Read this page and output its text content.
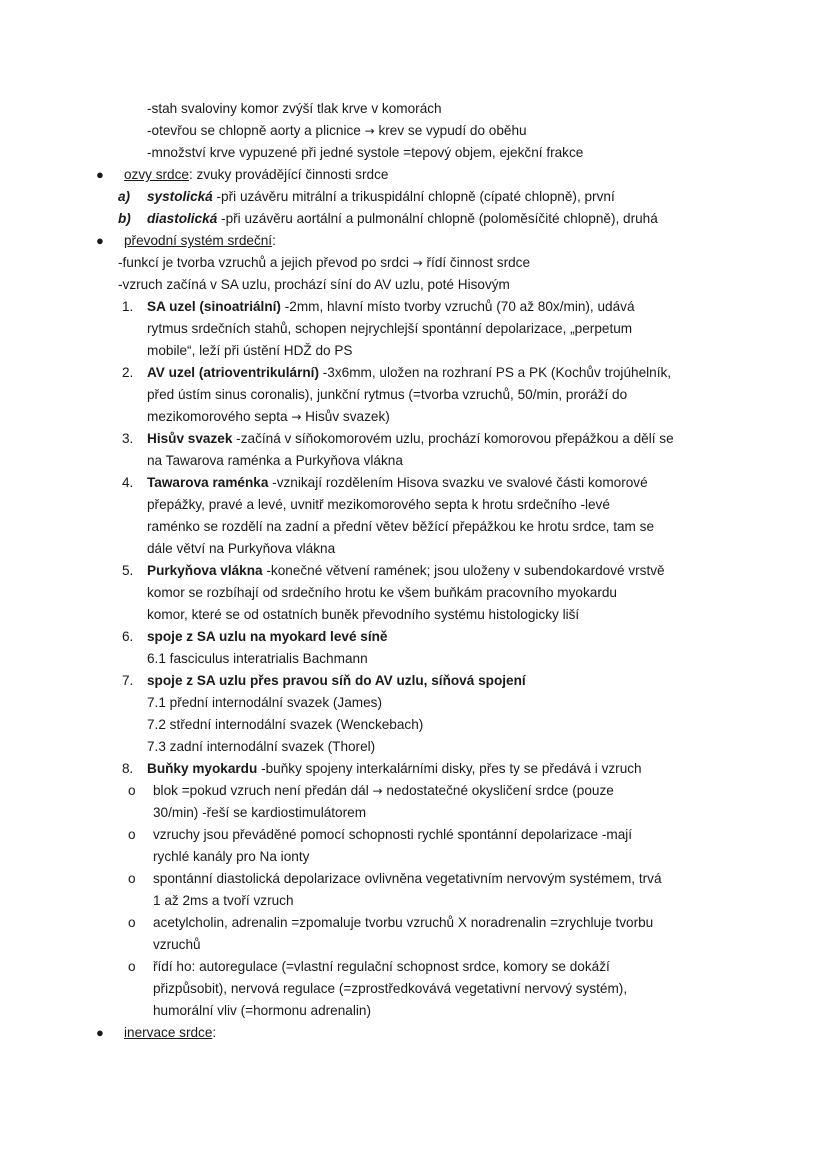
-stah svaloviny komor zvýší tlak krve v komorách
-otevřou se chlopně aorty a plicnice → krev se vypudí do oběhu
-množství krve vypuzené při jedné systole =tepový objem, ejekční frakce
● ozvy srdce: zvuky provádějící činnosti srdce
a) systolická -při uzávěru mitrální a trikuspidální chlopně (cípaté chlopně), první
b) diastolická -při uzávěru aortální a pulmonální chlopně (poloměsíčité chlopně), druhá
● převodní systém srdeční:
-funkcí je tvorba vzruchů a jejich převod po srdci → řídí činnost srdce
-vzruch začíná v SA uzlu, prochází síní do AV uzlu, poté Hisovým
1. SA uzel (sinoatriální) -2mm, hlavní místo tvorby vzruchů (70 až 80x/min), udává
rytmus srdečních stahů, schopen nejrychlejší spontánní depolarizace, „perpetum
mobile“, leží při ústění HDŽ do PS
2. AV uzel (atrioventrikulární) -3x6mm, uložen na rozhraní PS a PK (Kochův trojúhelník,
před ústím sinus coronalis), junkční rytmus (=tvorba vzruchů, 50/min, proráží do
mezikomorového septa → Hisův svazek)
3. Hisův svazek -začíná v síňokomorovém uzlu, prochází komorovou přepážkou a dělí se
na Tawarova raménka a Purkyňova vlákna
4. Tawarova raménka -vznikají rozdělením Hisova svazku ve svalové části komorové
přepážky, pravé a levé, uvnitř mezikomorového septa k hrotu srdečního -levé
raménko se rozdělí na zadní a přední větev běžící přepážkou ke hrotu srdce, tam se
dále větví na Purkyňova vlákna
5. Purkyňova vlákna -konečné větvení ramének; jsou uloženy v subendokardové vrstvě
komor se rozbíhají od srdečního hrotu ke všem buňkám pracovního myokardu
komor, které se od ostatních buněk převodního systému histologicky liší
6. spoje z SA uzlu na myokard levé síně
6.1 fasciculus interatrialis Bachmann
7. spoje z SA uzlu přes pravou síň do AV uzlu, síňová spojení
7.1 přední internodální svazek (James)
7.2 střední internodální svazek (Wenckebach)
7.3 zadní internodální svazek (Thorel)
8. Buňky myokardu -buňky spojeny interkalárními disky, přes ty se předává i vzruch
o blok =pokud vzruch není předán dál → nedostatečné okysličení srdce (pouze
30/min) -řeší se kardiostimulátorem
o vzruchy jsou převáděné pomocí schopnosti rychlé spontánní depolarizace -mají
rychlé kanály pro Na ionty
o spontánní diastolická depolarizace ovlivněna vegetativním nervovým systémem, trvá
1 až 2ms a tvoří vzruch
o acetylcholin, adrenalin =zpomaluje tvorbu vzruchů X noradrenalin =zrychluje tvorbu
vzruchů
o řídí ho: autoregulace (=vlastní regulační schopnost srdce, komory se dokáží
přizpůsobit), nervová regulace (=zprostředkovává vegetativní nervový systém),
humorální vliv (=hormonu adrenalin)
● inervace srdce:
